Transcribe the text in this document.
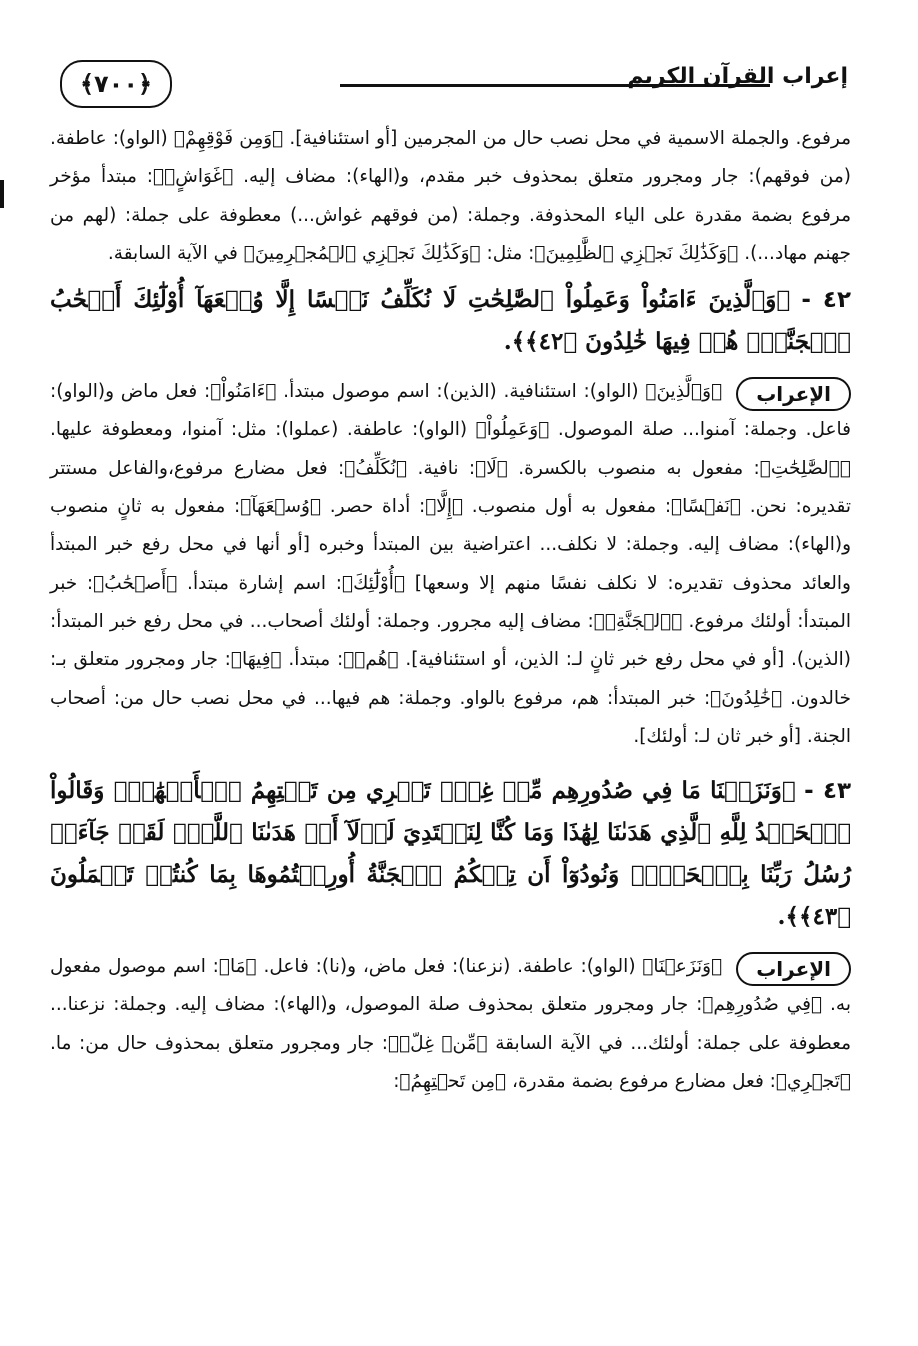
﴿٧٠٠﴾	إعراب القرآن الكريم

مرفوع. والجملة الاسمية في محل نصب حال من المجرمين [أو استئنافية]. ﴿وَمِن فَوْقِهِمْ﴾ (الواو): عاطفة. (من فوقهم): جار ومجرور متعلق بمحذوف خبر مقدم، و(الهاء): مضاف إليه. ﴿غَوَاشٍۚ﴾: مبتدأ مؤخر مرفوع بضمة مقدرة على الياء المحذوفة. وجملة: (من فوقهم غواش...) معطوفة على جملة: (لهم من جهنم مهاد...). ﴿وَكَذَٰلِكَ نَجۡزِي ٱلظَّٰلِمِينَ﴾: مثل: ﴿وَكَذَٰلِكَ نَجۡزِي ٱلۡمُجۡرِمِينَ﴾ في الآية السابقة.

٤٢ - ﴿وَٱلَّذِينَ ءَامَنُواْ وَعَمِلُواْ ٱلصَّٰلِحَٰتِ لَا نُكَلِّفُ نَفۡسًا إِلَّا وُسۡعَهَآ أُوْلَٰٓئِكَ أَصۡحَٰبُ ٱلۡجَنَّةِۖ هُمۡ فِيهَا خَٰلِدُونَ ﴿٤٢﴾﴾.
الإعراب
﴿وَٱلَّذِينَ﴾ (الواو): استئنافية. (الذين): اسم موصول مبتدأ. ﴿ءَامَنُواْ﴾: فعل ماض و(الواو): فاعل. وجملة: آمنوا... صلة الموصول. ﴿وَعَمِلُواْ﴾ (الواو): عاطفة. (عملوا): مثل: آمنوا، ومعطوفة عليها. ﴿ٱلصَّٰلِحَٰتِ﴾: مفعول به منصوب بالكسرة. ﴿لَا﴾: نافية. ﴿نُكَلِّفُ﴾: فعل مضارع مرفوع،والفاعل مستتر تقديره: نحن. ﴿نَفۡسًا﴾: مفعول به أول منصوب. ﴿إِلَّا﴾: أداة حصر. ﴿وُسۡعَهَآ﴾: مفعول به ثانٍ منصوب و(الهاء): مضاف إليه. وجملة: لا نكلف... اعتراضية بين المبتدأ وخبره [أو أنها في محل رفع خبر المبتدأ والعائد محذوف تقديره: لا نكلف نفسًا منهم إلا وسعها] ﴿أُوْلَٰٓئِكَ﴾: اسم إشارة مبتدأ. ﴿أَصۡحَٰبُ﴾: خبر المبتدأ: أولئك مرفوع. ﴿ٱلۡجَنَّةِۖ﴾: مضاف إليه مجرور. وجملة: أولئك أصحاب... في محل رفع خبر المبتدأ: (الذين). [أو في محل رفع خبر ثانٍ لـ: الذين، أو استئنافية]. ﴿هُمۡ﴾: مبتدأ. ﴿فِيهَا﴾: جار ومجرور متعلق بـ: خالدون. ﴿خَٰلِدُونَ﴾: خبر المبتدأ: هم، مرفوع بالواو. وجملة: هم فيها... في محل نصب حال من: أصحاب الجنة. [أو خبر ثان لـ: أولئك].
٤٣ - ﴿وَنَزَعۡنَا مَا فِي صُدُورِهِم مِّنۡ غِلّٖ تَجۡرِي مِن تَحۡتِهِمُ ٱلۡأَنۡهَٰرُۖ وَقَالُواْ ٱلۡحَمۡدُ لِلَّهِ ٱلَّذِي هَدَىٰنَا لِهَٰذَا وَمَا كُنَّا لِنَهۡتَدِيَ لَوۡلَآ أَنۡ هَدَىٰنَا ٱللَّهُۖ لَقَدۡ جَآءَتۡ رُسُلُ رَبِّنَا بِٱلۡحَقِّۖ وَنُودُوٓاْ أَن تِلۡكُمُ ٱلۡجَنَّةُ أُورِثۡتُمُوهَا بِمَا كُنتُمۡ تَعۡمَلُونَ ﴿٤٣﴾﴾.
الإعراب
﴿وَنَزَعۡنَا﴾ (الواو): عاطفة. (نزعنا): فعل ماض، و(نا): فاعل. ﴿مَا﴾: اسم موصول مفعول به. ﴿فِي صُدُورِهِم﴾: جار ومجرور متعلق بمحذوف صلة الموصول، و(الهاء): مضاف إليه. وجملة: نزعنا... معطوفة على جملة: أولئك... في الآية السابقة ﴿مِّنۡ غِلّٖ﴾: جار ومجرور متعلق بمحذوف حال من: ما. ﴿تَجۡرِي﴾: فعل مضارع مرفوع بضمة مقدرة، ﴿مِن تَحۡتِهِمُ﴾:
